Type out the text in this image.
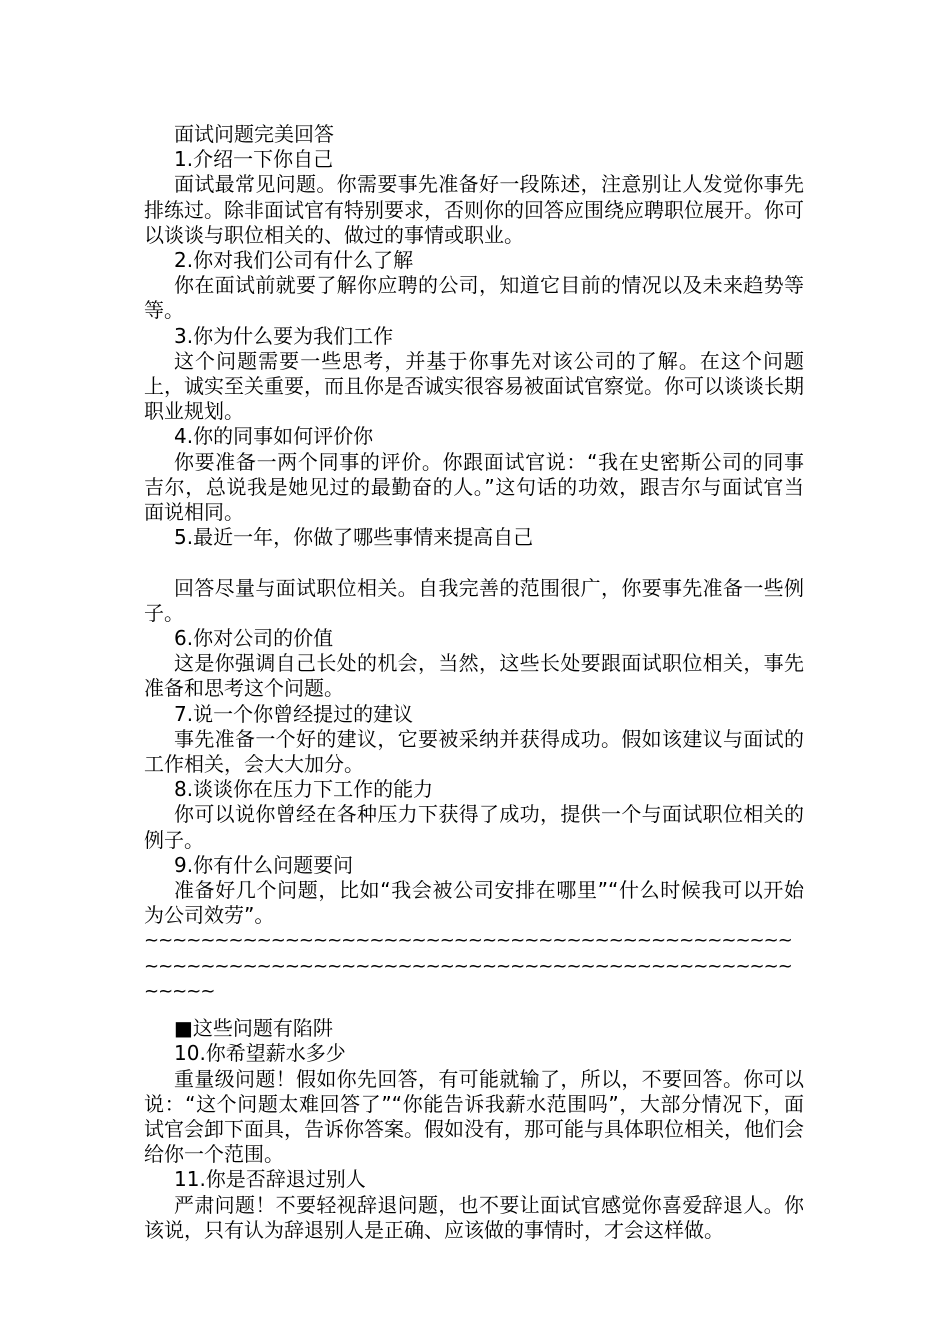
面试问题完美回答

1.介绍一下你自己

面试最常见问题。你需要事先准备好一段陈述，注意别让人发觉你事先排练过。除非面试官有特别要求，否则你的回答应围绕应聘职位展开。你可以谈谈与职位相关的、做过的事情或职业。

2.你对我们公司有什么了解

你在面试前就要了解你应聘的公司，知道它目前的情况以及未来趋势等等。

3.你为什么要为我们工作

这个问题需要一些思考，并基于你事先对该公司的了解。在这个问题上，诚实至关重要，而且你是否诚实很容易被面试官察觉。你可以谈谈长期职业规划。

4.你的同事如何评价你

你要准备一两个同事的评价。你跟面试官说：“我在史密斯公司的同事吉尔，总说我是她见过的最勤奋的人。”这句话的功效，跟吉尔与面试官当面说相同。

5.最近一年，你做了哪些事情来提高自己

回答尽量与面试职位相关。自我完善的范围很广，你要事先准备一些例子。

6.你对公司的价值

这是你强调自己长处的机会，当然，这些长处要跟面试职位相关，事先准备和思考这个问题。

7.说一个你曾经提过的建议

事先准备一个好的建议，它要被采纳并获得成功。假如该建议与面试的工作相关，会大大加分。

8.谈谈你在压力下工作的能力

你可以说你曾经在各种压力下获得了成功，提供一个与面试职位相关的例子。

9.你有什么问题要问

准备好几个问题，比如“我会被公司安排在哪里”“什么时候我可以开始为公司效劳”。

~~~~~~~~~~~~~~~~~~~~~~~~~~~~~~~~~~~~~~~~~~~~~~~~~~~~~~~~~~~~~~~~~~~~~~~~~~~~~~~~~~~~~~~~~~~~~~~~~

■这些问题有陷阱

10.你希望薪水多少

重量级问题！假如你先回答，有可能就输了，所以，不要回答。你可以说：“这个问题太难回答了”“你能告诉我薪水范围吗”，大部分情况下，面试官会卸下面具，告诉你答案。假如没有，那可能与具体职位相关，他们会给你一个范围。

11.你是否辞退过别人

严肃问题！不要轻视辞退问题，也不要让面试官感觉你喜爱辞退人。你该说，只有认为辞退别人是正确、应该做的事情时，才会这样做。
